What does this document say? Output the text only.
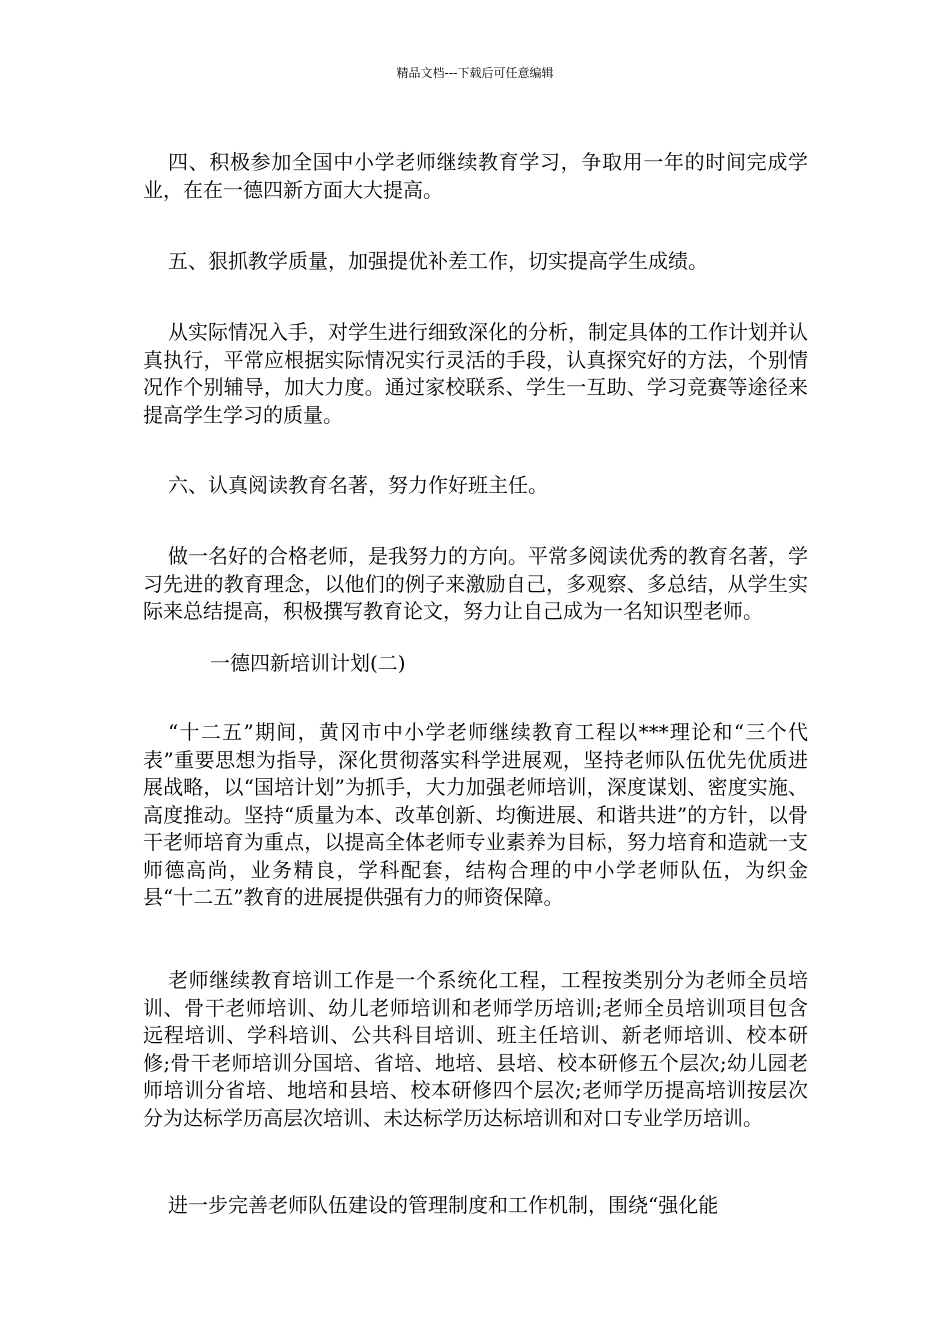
精品文档---下载后可任意编辑

四、积极参加全国中小学老师继续教育学习，争取用一年的时间完成学业，在在一德四新方面大大提高。

五、狠抓教学质量，加强提优补差工作，切实提高学生成绩。

从实际情况入手，对学生进行细致深化的分析，制定具体的工作计划并认真执行，平常应根据实际情况实行灵活的手段，认真探究好的方法，个别情况作个别辅导，加大力度。通过家校联系、学生一互助、学习竞赛等途径来提高学生学习的质量。

六、认真阅读教育名著，努力作好班主任。

做一名好的合格老师，是我努力的方向。平常多阅读优秀的教育名著，学习先进的教育理念，以他们的例子来激励自己，多观察、多总结，从学生实际来总结提高，积极撰写教育论文，努力让自己成为一名知识型老师。

一德四新培训计划(二)

“十二五”期间，黄冈市中小学老师继续教育工程以***理论和“三个代表”重要思想为指导，深化贯彻落实科学进展观，坚持老师队伍优先优质进展战略，以“国培计划”为抓手，大力加强老师培训，深度谋划、密度实施、高度推动。坚持“质量为本、改革创新、均衡进展、和谐共进”的方针，以骨干老师培育为重点，以提高全体老师专业素养为目标，努力培育和造就一支师德高尚，业务精良，学科配套，结构合理的中小学老师队伍，为织金县“十二五”教育的进展提供强有力的师资保障。

老师继续教育培训工作是一个系统化工程，工程按类别分为老师全员培训、骨干老师培训、幼儿老师培训和老师学历培训;老师全员培训项目包含远程培训、学科培训、公共科目培训、班主任培训、新老师培训、校本研修;骨干老师培训分国培、省培、地培、县培、校本研修五个层次;幼儿园老师培训分省培、地培和县培、校本研修四个层次;老师学历提高培训按层次分为达标学历高层次培训、未达标学历达标培训和对口专业学历培训。

进一步完善老师队伍建设的管理制度和工作机制，围绕“强化能
